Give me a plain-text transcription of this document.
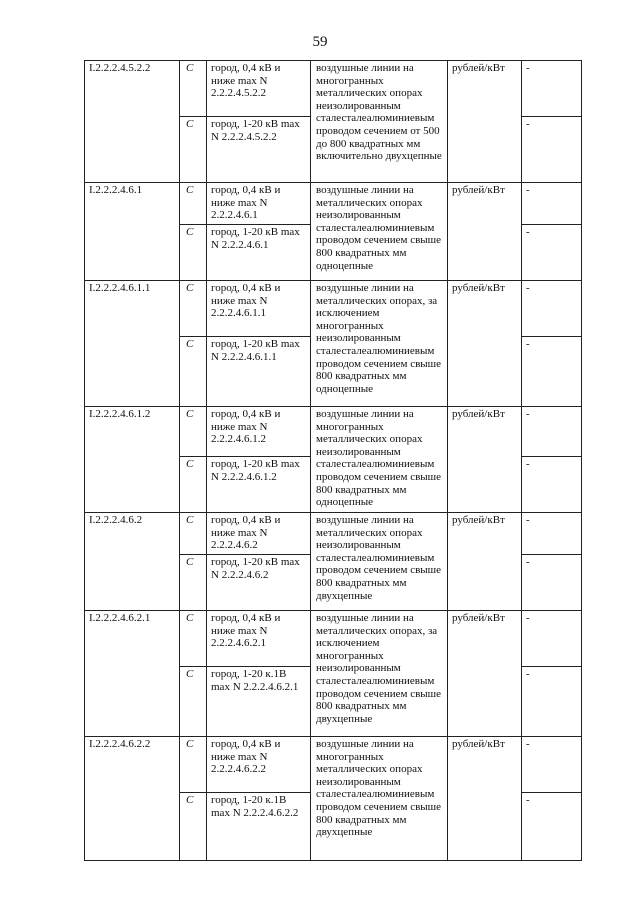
59
I.2.2.2.4.5.2.2	C	город, 0,4 кВ и ниже max N 2.2.2.4.5.2.2	воздушные линии на многогранных металлических опорах неизолированным сталесталеалюминиевым проводом сечением от 500 до 800 квадратных мм включительно двухцепные	рублей/кВт	-
	C	город, 1-20 кВ max N 2.2.2.4.5.2.2			-
I.2.2.2.4.6.1	C	город, 0,4 кВ и ниже max N 2.2.2.4.6.1	воздушные линии на металлических опорах неизолированным сталесталеалюминиевым проводом сечением свыше 800 квадратных мм одноцепные	рублей/кВт	-
	C	город, 1-20 кВ max N 2.2.2.4.6.1			-
I.2.2.2.4.6.1.1	C	город, 0,4 кВ и ниже max N 2.2.2.4.6.1.1	воздушные линии на металлических опорах, за исключением многогранных неизолированным сталесталеалюминиевым проводом сечением свыше 800 квадратных мм одноцепные	рублей/кВт	-
	C	город, 1-20 кВ max N 2.2.2.4.6.1.1			-
I.2.2.2.4.6.1.2	C	город, 0,4 кВ и ниже max N 2.2.2.4.6.1.2	воздушные линии на многогранных металлических опорах неизолированным сталесталеалюминиевым проводом сечением свыше 800 квадратных мм одноцепные	рублей/кВт	-
	C	город, 1-20 кВ max N 2.2.2.4.6.1.2			-
I.2.2.2.4.6.2	C	город, 0,4 кВ и ниже max N 2.2.2.4.6.2	воздушные линии на металлических опорах неизолированным сталесталеалюминиевым проводом сечением свыше 800 квадратных мм двухцепные	рублей/кВт	-
	C	город, 1-20 кВ max N 2.2.2.4.6.2			-
I.2.2.2.4.6.2.1	C	город, 0,4 кВ и ниже max N 2.2.2.4.6.2.1	воздушные линии на металлических опорах, за исключением многогранных неизолированным сталесталеалюминиевым проводом сечением свыше 800 квадратных мм двухцепные	рублей/кВт	-
	C	город, 1-20 к.1В max N 2.2.2.4.6.2.1			-
I.2.2.2.4.6.2.2	C	город, 0,4 кВ и ниже max N 2.2.2.4.6.2.2	воздушные линии на многогранных металлических опорах неизолированным сталесталеалюминиевым проводом сечением свыше 800 квадратных мм двухцепные	рублей/кВт	-
	C	город, 1-20 к.1В max N 2.2.2.4.6.2.2			-
